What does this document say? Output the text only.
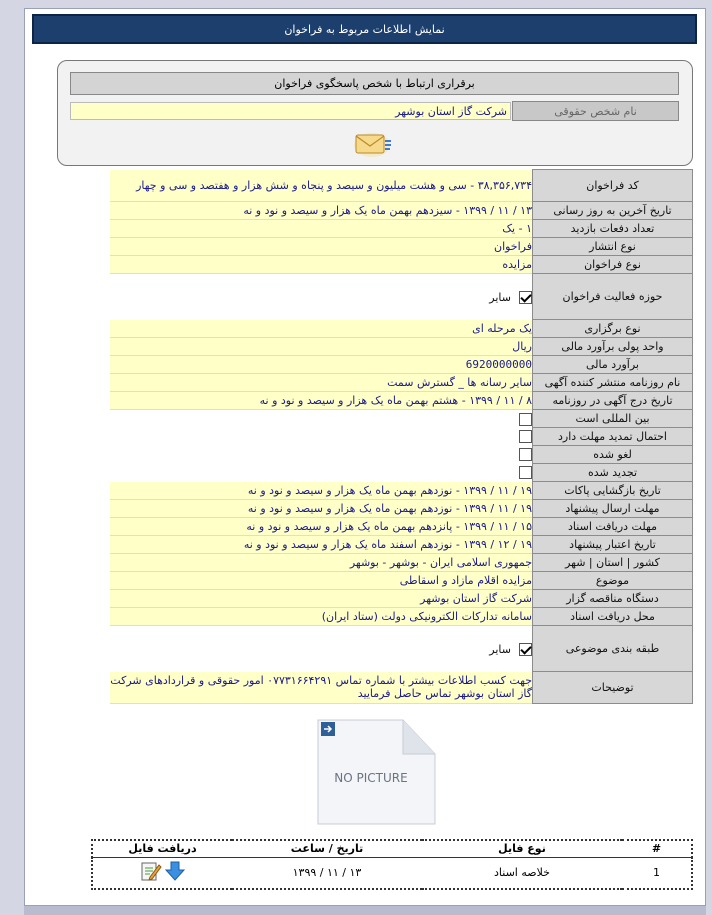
نمایش اطلاعات مربوط به فراخوان
برقراری ارتباط با شخص پاسخگوی فراخوان
نام شخص حقوقی
شرکت گاز استان بوشهر
کد فراخوان	۳۸,۳۵۶,۷۳۴ - سی و هشت میلیون و سیصد و پنجاه و شش هزار و هفتصد و سی و چهار
تاریخ آخرین به روز رسانی	۱۳ / ۱۱ / ۱۳۹۹ - سیزدهم بهمن ماه یک هزار و سیصد و نود و نه
تعداد دفعات بازدید	۱ - یک
نوع انتشار	فراخوان
نوع فراخوان	مزایده
حوزه فعالیت فراخوان	سایر
نوع برگزاری	یک مرحله ای
واحد پولی برآورد مالی	ریال
برآورد مالی	6920000000
نام روزنامه منتشر کننده آگهی	سایر رسانه ها _ گسترش سمت
تاریخ درج آگهی در روزنامه	۸ / ۱۱ / ۱۳۹۹ - هشتم بهمن ماه یک هزار و سیصد و نود و نه
بین المللی است	
احتمال تمدید مهلت دارد	
لغو شده	
تجدید شده	
تاریخ بازگشایی پاکات	۱۹ / ۱۱ / ۱۳۹۹ - نوزدهم بهمن ماه یک هزار و سیصد و نود و نه
مهلت ارسال پیشنهاد	۱۹ / ۱۱ / ۱۳۹۹ - نوزدهم بهمن ماه یک هزار و سیصد و نود و نه
مهلت دریافت اسناد	۱۵ / ۱۱ / ۱۳۹۹ - پانزدهم بهمن ماه یک هزار و سیصد و نود و نه
تاریخ اعتبار پیشنهاد	۱۹ / ۱۲ / ۱۳۹۹ - نوزدهم اسفند ماه یک هزار و سیصد و نود و نه
کشور | استان | شهر	جمهوری اسلامی ایران - بوشهر - بوشهر
موضوع	مزایده اقلام مازاد و اسقاطی
دستگاه مناقصه گزار	شرکت گاز استان بوشهر
محل دریافت اسناد	سامانه تدارکات الکترونیکی دولت (ستاد ایران)
طبقه بندی موضوعی	سایر
توضیحات	جهت کسب اطلاعات بیشتر با شماره تماس ۰۷۷۳۱۶۶۴۲۹۱ امور حقوقی و قراردادهای شرکت گاز استان بوشهر تماس حاصل فرمایید
NO PICTURE
#	نوع فایل	تاریخ / ساعت	دریافت فایل
1	خلاصه اسناد	۱۳ / ۱۱ / ۱۳۹۹	
